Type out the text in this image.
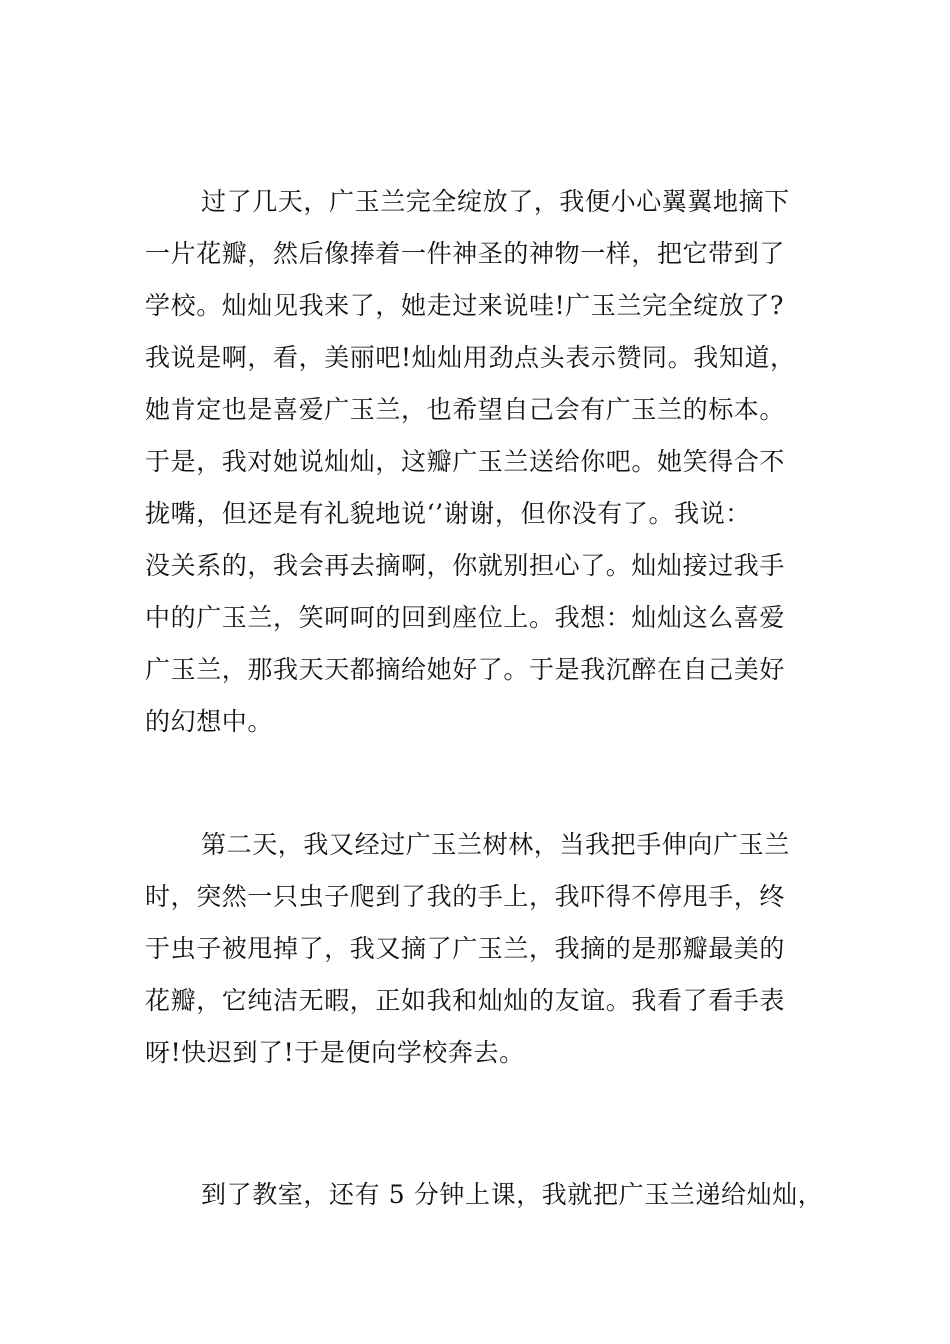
过了几天，广玉兰完全绽放了，我便小心翼翼地摘下
一片花瓣，然后像捧着一件神圣的神物一样，把它带到了
学校。灿灿见我来了，她走过来说哇!广玉兰完全绽放了?
我说是啊，看，美丽吧!灿灿用劲点头表示赞同。我知道，
她肯定也是喜爱广玉兰，也希望自己会有广玉兰的标本。
于是，我对她说灿灿，这瓣广玉兰送给你吧。她笑得合不
拢嘴，但还是有礼貌地说‘’谢谢，但你没有了。我说：
没关系的，我会再去摘啊，你就别担心了。灿灿接过我手
中的广玉兰，笑呵呵的回到座位上。我想：灿灿这么喜爱
广玉兰，那我天天都摘给她好了。于是我沉醉在自己美好
的幻想中。
第二天，我又经过广玉兰树林，当我把手伸向广玉兰
时，突然一只虫子爬到了我的手上，我吓得不停甩手，终
于虫子被甩掉了，我又摘了广玉兰，我摘的是那瓣最美的
花瓣，它纯洁无暇，正如我和灿灿的友谊。我看了看手表
呀!快迟到了!于是便向学校奔去。
到了教室，还有 5 分钟上课，我就把广玉兰递给灿灿，
